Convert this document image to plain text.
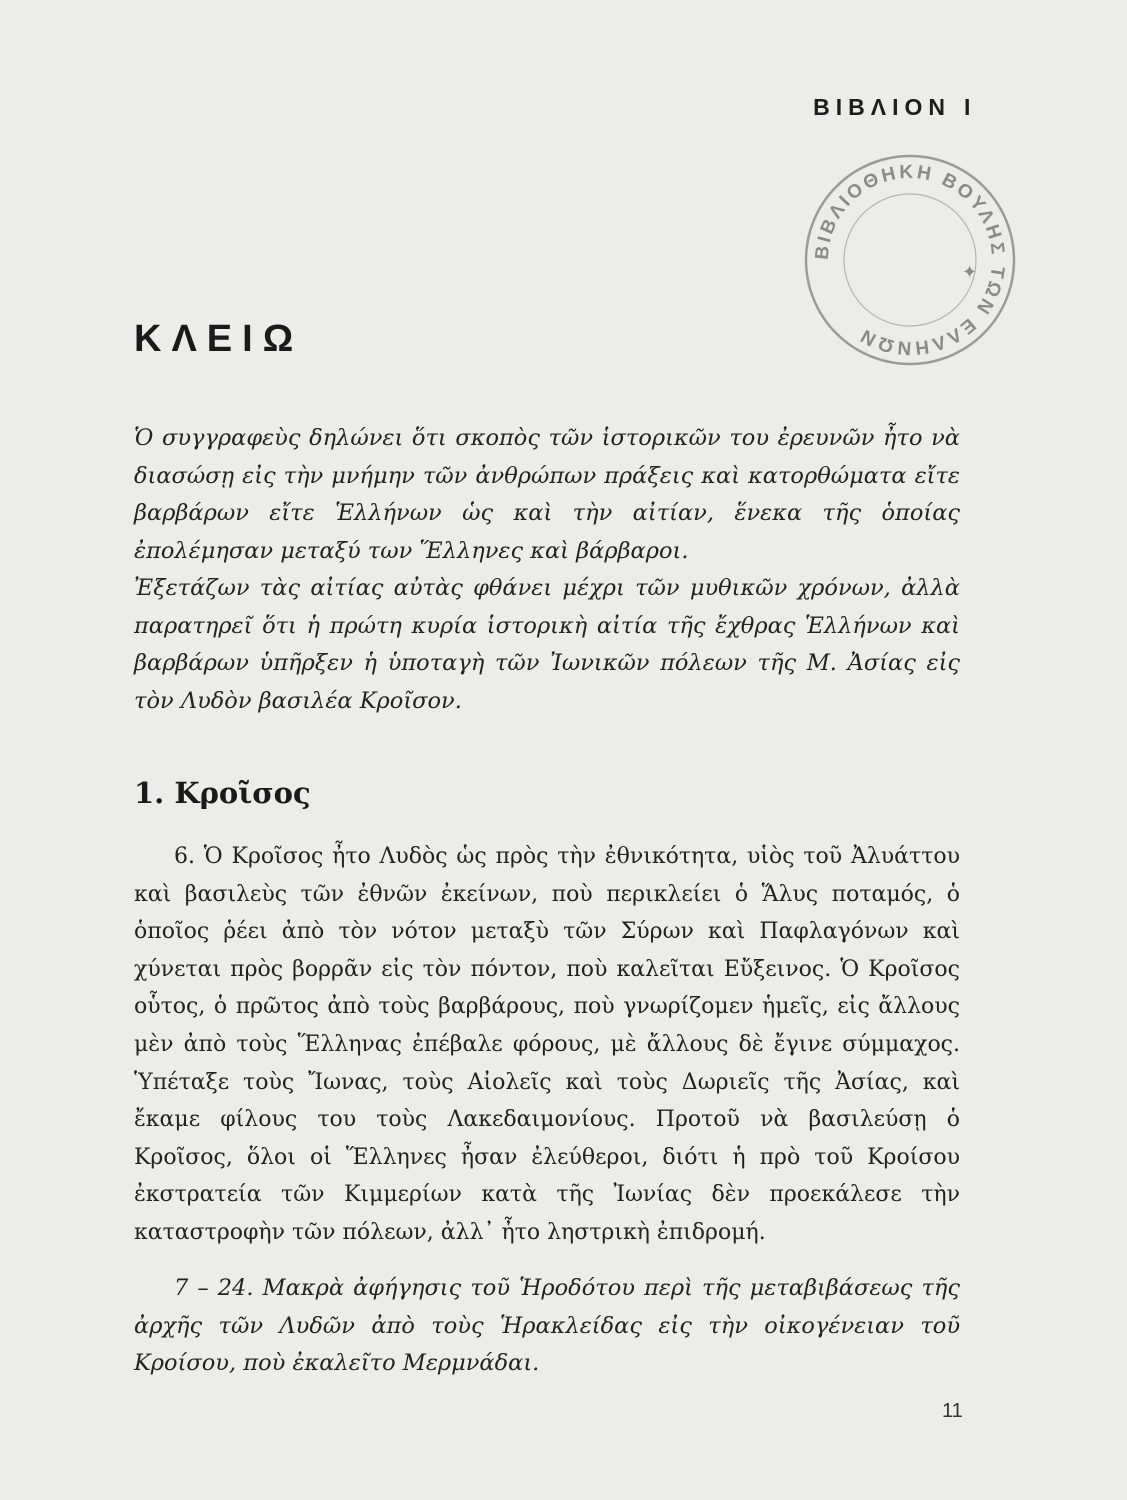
ΒΙΒΛΙΟΝ I
ΒΙΒΛΙΟΘΗΚΗ ΒΟΥΛΗΣ ΤΩΝ ΕΛΛΗΝΩΝ
✦
ΚΛΕΙΩ

Ὁ συγγραφεὺς δηλώνει ὅτι σκοπὸς τῶν ἱστορικῶν του ἐρευνῶν ἦτο νὰ διασώσῃ εἰς τὴν μνήμην τῶν ἀνθρώπων πράξεις καὶ κατορθώματα εἴτε βαρβάρων εἴτε Ἑλλήνων ὡς καὶ τὴν αἰτίαν, ἕνεκα τῆς ὁποίας ἐπολέμησαν μεταξύ των Ἕλληνες καὶ βάρβαροι.

Ἐξετάζων τὰς αἰτίας αὐτὰς φθάνει μέχρι τῶν μυθικῶν χρόνων, ἀλλὰ παρατηρεῖ ὅτι ἡ πρώτη κυρία ἱστορικὴ αἰτία τῆς ἔχθρας Ἑλλήνων καὶ βαρβάρων ὑπῆρξεν ἡ ὑποταγὴ τῶν Ἰωνικῶν πόλεων τῆς Μ. Ἀσίας εἰς τὸν Λυδὸν βασιλέα Κροῖσον.

1. Κροῖσος

6. Ὁ Κροῖσος ἦτο Λυδὸς ὡς πρὸς τὴν ἐθνικότητα, υἱὸς τοῦ Ἀλυάττου καὶ βασιλεὺς τῶν ἐθνῶν ἐκείνων, ποὺ περικλείει ὁ Ἅλυς ποταμός, ὁ ὁποῖος ῥέει ἀπὸ τὸν νότον μεταξὺ τῶν Σύρων καὶ Παφλαγόνων καὶ χύνεται πρὸς βορρᾶν εἰς τὸν πόντον, ποὺ καλεῖται Εὔξεινος. Ὁ Κροῖσος οὗτος, ὁ πρῶτος ἀπὸ τοὺς βαρβάρους, ποὺ γνωρίζομεν ἡμεῖς, εἰς ἄλλους μὲν ἀπὸ τοὺς Ἕλληνας ἐπέβαλε φόρους, μὲ ἄλλους δὲ ἔγινε σύμμαχος. Ὑπέταξε τοὺς Ἴωνας, τοὺς Αἰολεῖς καὶ τοὺς Δωριεῖς τῆς Ἀσίας, καὶ ἔκαμε φίλους του τοὺς Λακεδαιμονίους. Προτοῦ νὰ βασιλεύσῃ ὁ Κροῖσος, ὅλοι οἱ Ἕλληνες ἦσαν ἐλεύθεροι, διότι ἡ πρὸ τοῦ Κροίσου ἐκστρατεία τῶν Κιμμερίων κατὰ τῆς Ἰωνίας δὲν προεκάλεσε τὴν καταστροφὴν τῶν πόλεων, ἀλλ᾽ ἦτο ληστρικὴ ἐπιδρομή.

7 – 24. Μακρὰ ἀφήγησις τοῦ Ἡροδότου περὶ τῆς μεταβιβάσεως τῆς ἀρχῆς τῶν Λυδῶν ἀπὸ τοὺς Ἡρακλείδας εἰς τὴν οἰκογένειαν τοῦ Κροίσου, ποὺ ἐκαλεῖτο Μερμνάδαι.

11
